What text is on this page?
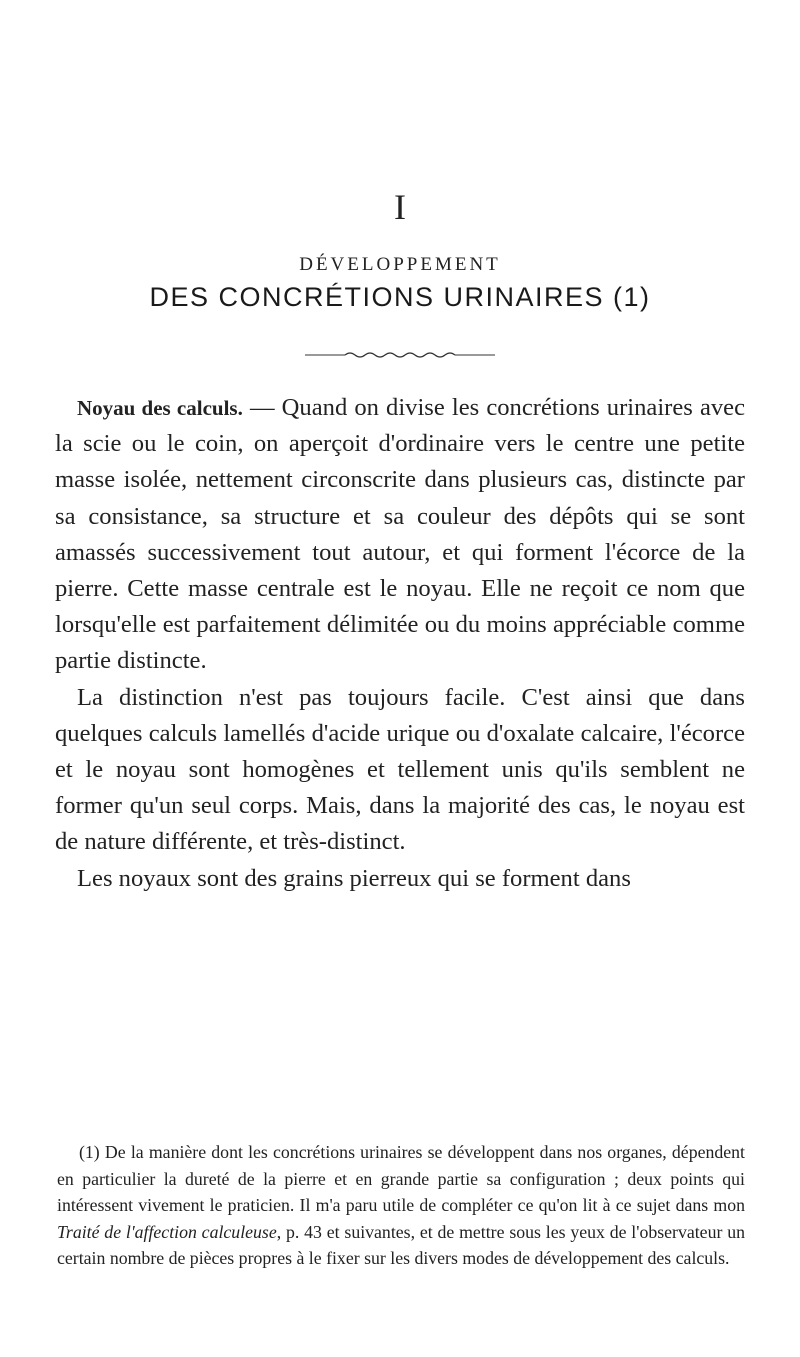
I
DÉVELOPPEMENT
DES CONCRÉTIONS URINAIRES (1)

Noyau des calculs. — Quand on divise les concrétions urinaires avec la scie ou le coin, on aperçoit d'ordinaire vers le centre une petite masse isolée, nettement circonscrite dans plusieurs cas, distincte par sa consistance, sa structure et sa couleur des dépôts qui se sont amassés successivement tout autour, et qui forment l'écorce de la pierre. Cette masse centrale est le noyau. Elle ne reçoit ce nom que lorsqu'elle est parfaitement délimitée ou du moins appréciable comme partie distincte.

La distinction n'est pas toujours facile. C'est ainsi que dans quelques calculs lamellés d'acide urique ou d'oxalate calcaire, l'écorce et le noyau sont homogènes et tellement unis qu'ils semblent ne former qu'un seul corps. Mais, dans la majorité des cas, le noyau est de nature différente, et très-distinct.

Les noyaux sont des grains pierreux qui se forment dans

(1) De la manière dont les concrétions urinaires se développent dans nos organes, dépendent en particulier la dureté de la pierre et en grande partie sa configuration ; deux points qui intéressent vivement le praticien. Il m'a paru utile de compléter ce qu'on lit à ce sujet dans mon Traité de l'affection calculeuse, p. 43 et suivantes, et de mettre sous les yeux de l'observateur un certain nombre de pièces propres à le fixer sur les divers modes de développement des calculs.
